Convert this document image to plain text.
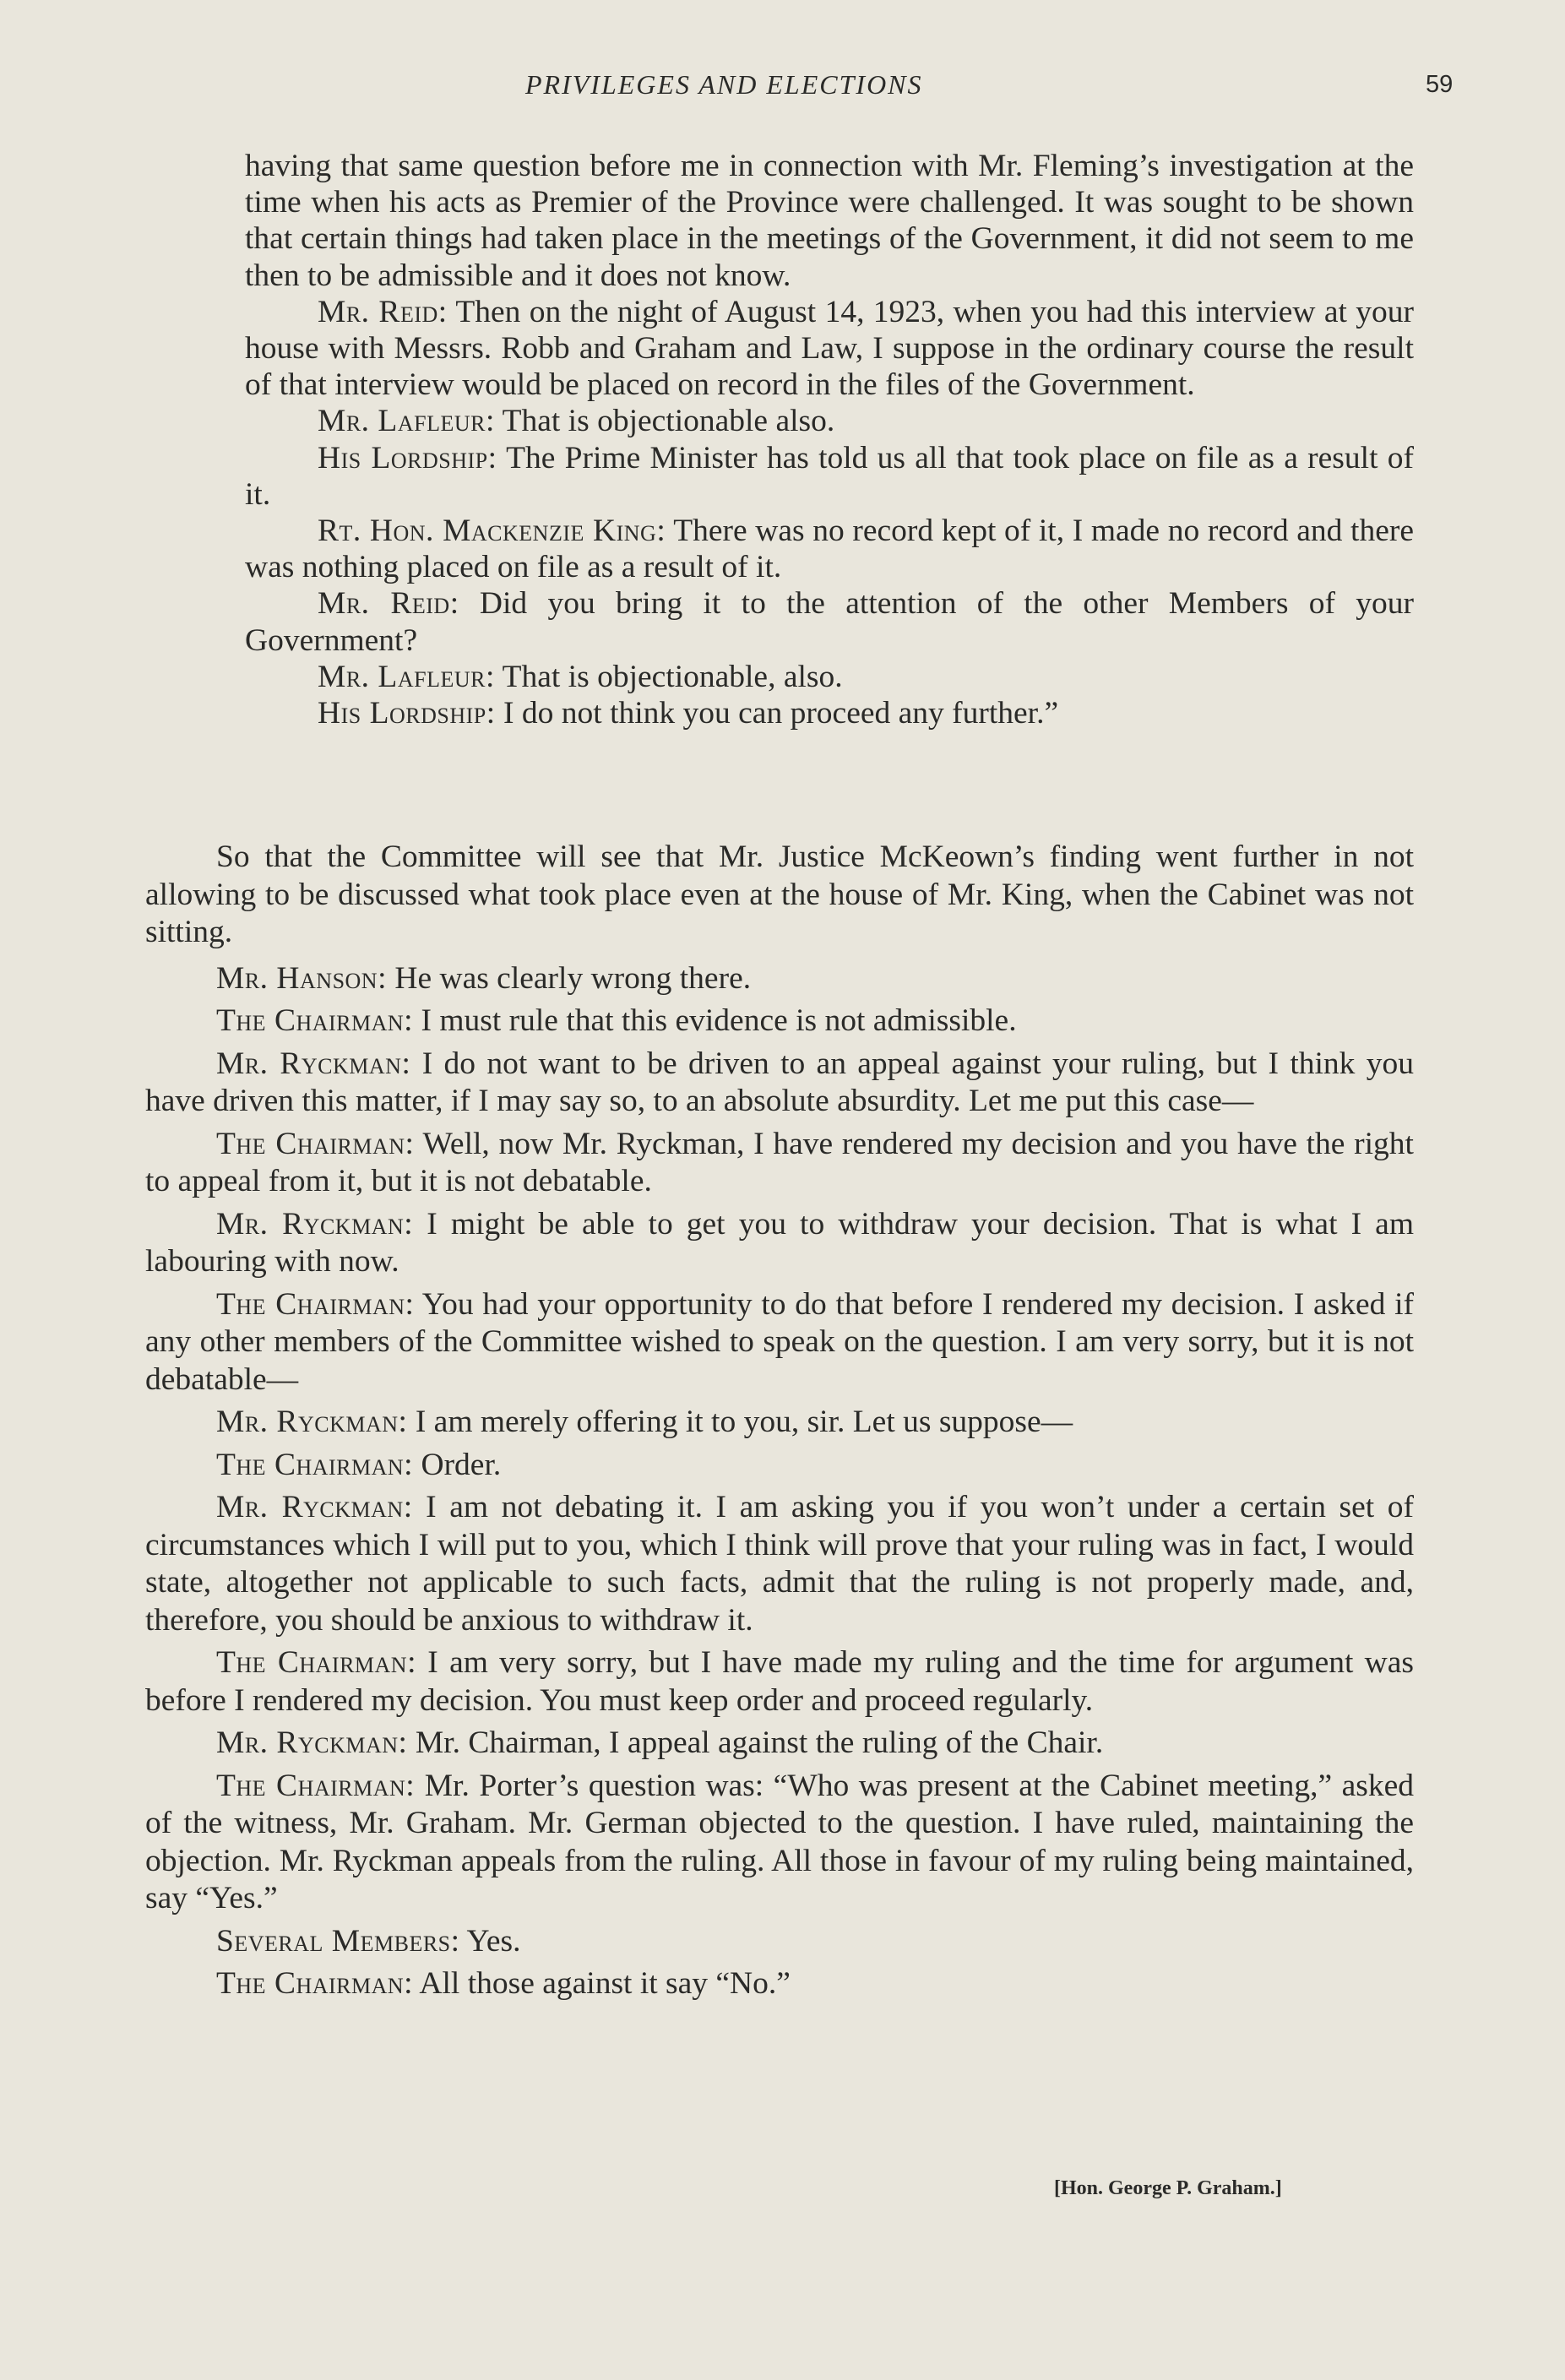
PRIVILEGES AND ELECTIONS	59

having that same question before me in connection with Mr. Fleming’s investigation at the time when his acts as Premier of the Province were challenged. It was sought to be shown that certain things had taken place in the meetings of the Government, it did not seem to me then to be admissible and it does not know.

Mr. Reid: Then on the night of August 14, 1923, when you had this interview at your house with Messrs. Robb and Graham and Law, I suppose in the ordinary course the result of that interview would be placed on record in the files of the Government.

Mr. Lafleur: That is objectionable also.

His Lordship: The Prime Minister has told us all that took place on file as a result of it.

Rt. Hon. Mackenzie King: There was no record kept of it, I made no record and there was nothing placed on file as a result of it.

Mr. Reid: Did you bring it to the attention of the other Members of your Government?

Mr. Lafleur: That is objectionable, also.

His Lordship: I do not think you can proceed any further.”

So that the Committee will see that Mr. Justice McKeown’s finding went further in not allowing to be discussed what took place even at the house of Mr. King, when the Cabinet was not sitting.

Mr. Hanson: He was clearly wrong there.

The Chairman: I must rule that this evidence is not admissible.

Mr. Ryckman: I do not want to be driven to an appeal against your ruling, but I think you have driven this matter, if I may say so, to an absolute absurdity. Let me put this case—

The Chairman: Well, now Mr. Ryckman, I have rendered my decision and you have the right to appeal from it, but it is not debatable.

Mr. Ryckman: I might be able to get you to withdraw your decision. That is what I am labouring with now.

The Chairman: You had your opportunity to do that before I rendered my decision. I asked if any other members of the Committee wished to speak on the question. I am very sorry, but it is not debatable—

Mr. Ryckman: I am merely offering it to you, sir. Let us suppose—

The Chairman: Order.

Mr. Ryckman: I am not debating it. I am asking you if you won’t under a certain set of circumstances which I will put to you, which I think will prove that your ruling was in fact, I would state, altogether not applicable to such facts, admit that the ruling is not properly made, and, therefore, you should be anxious to withdraw it.

The Chairman: I am very sorry, but I have made my ruling and the time for argument was before I rendered my decision. You must keep order and proceed regularly.

Mr. Ryckman: Mr. Chairman, I appeal against the ruling of the Chair.

The Chairman: Mr. Porter’s question was: “Who was present at the Cabinet meeting,” asked of the witness, Mr. Graham. Mr. German objected to the question. I have ruled, maintaining the objection. Mr. Ryckman appeals from the ruling. All those in favour of my ruling being maintained, say “Yes.”

Several Members: Yes.

The Chairman: All those against it say “No.”

[Hon. George P. Graham.]
